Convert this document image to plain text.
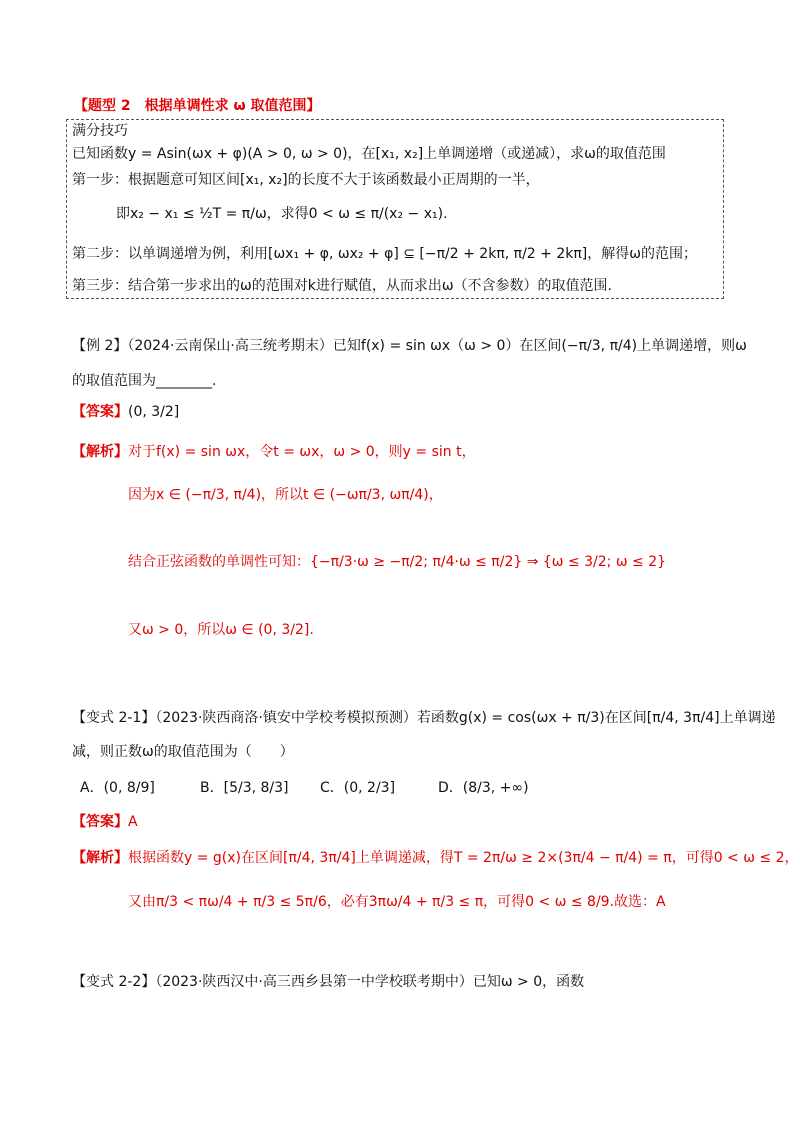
【题型 2　根据单调性求 ω 取值范围】
满分技巧
已知函数y = Asin(ωx + φ)(A > 0, ω > 0)，在[x₁, x₂]上单调递增（或递减），求ω的取值范围
第一步：根据题意可知区间[x₁, x₂]的长度不大于该函数最小正周期的一半，
即x₂ − x₁ ≤ ½T = π/ω，求得0 < ω ≤ π/(x₂ − x₁).
第二步：以单调递增为例，利用[ωx₁ + φ, ωx₂ + φ] ⊆ [−π/2 + 2kπ, π/2 + 2kπ]，解得ω的范围；
第三步：结合第一步求出的ω的范围对k进行赋值，从而求出ω（不含参数）的取值范围.
【例 2】（2024·云南保山·高三统考期末）已知f(x) = sin ωx（ω > 0）在区间(−π/3, π/4)上单调递增，则ω
的取值范围为________.
【答案】(0, 3/2]
【解析】对于f(x) = sin ωx，令t = ωx，ω > 0，则y = sin t，
因为x ∈ (−π/3, π/4)，所以t ∈ (−ωπ/3, ωπ/4)，
结合正弦函数的单调性可知：{−π/3·ω ≥ −π/2; π/4·ω ≤ π/2} ⇒ {ω ≤ 3/2; ω ≤ 2}
又ω > 0，所以ω ∈ (0, 3/2].
【变式 2-1】（2023·陕西商洛·镇安中学校考模拟预测）若函数g(x) = cos(ωx + π/3)在区间[π/4, 3π/4]上单调递
减，则正数ω的取值范围为（　　）
A．(0, 8/9]	B．[5/3, 8/3] C．(0, 2/3]	D．(8/3, +∞)
【答案】A
【解析】根据函数y = g(x)在区间[π/4, 3π/4]上单调递减，得T = 2π/ω ≥ 2×(3π/4 − π/4) = π，可得0 < ω ≤ 2，
又由π/3 < πω/4 + π/3 ≤ 5π/6，必有3πω/4 + π/3 ≤ π，可得0 < ω ≤ 8/9.故选：A
【变式 2-2】（2023·陕西汉中·高三西乡县第一中学校联考期中）已知ω > 0，函数
